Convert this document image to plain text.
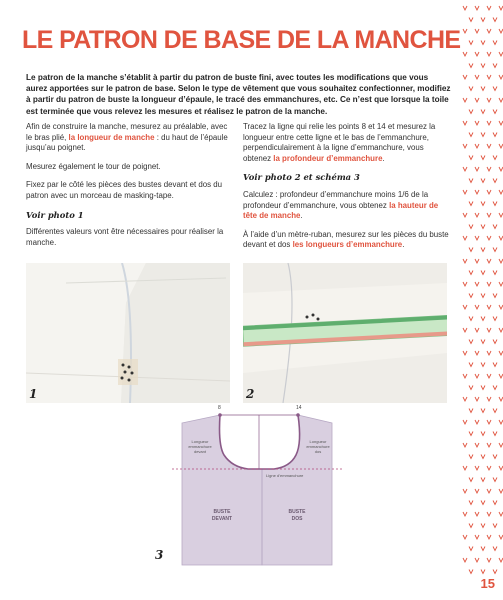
LE PATRON DE BASE DE LA MANCHE

Le patron de la manche s’établit à partir du patron de buste fini, avec toutes les modifications que vous aurez apportées sur le patron de base. Selon le type de vêtement que vous souhaitez confectionner, modifiez à partir du patron de buste la longueur d’épaule, le tracé des emmanchures, etc. Ce n’est que lorsque la toile est terminée que vous relevez les mesures et réalisez le patron de la manche.

Afin de construire la manche, mesurez au préalable, avec le bras plié, la longueur de manche : du haut de l’épaule jusqu’au poignet.

Mesurez également le tour de poignet.

Fixez par le côté les pièces des bustes devant et dos du patron avec un morceau de masking-tape.

Voir photo 1

Différentes valeurs vont être nécessaires pour réaliser la manche.

Tracez la ligne qui relie les points 8 et 14 et mesurez la longueur entre cette ligne et le bas de l’emmanchure, perpendiculairement à la ligne d’emmanchure, vous obtenez la profondeur d’emmanchure.

Voir photo 2 et schéma 3

Calculez : profondeur d’emmanchure moins 1/6 de la profondeur d’emmanchure, vous obtenez la hauteur de tête de manche.

À l’aide d’un mètre-ruban, mesurez sur les pièces du buste devant et dos les longueurs d’emmanchure.

1	2
8	14
Longueur
emmanchure
devant
Longueur
emmanchure
dos
Ligne d’emmanchure
BUSTE
DEVANT
BUSTE
DOS
3
15
